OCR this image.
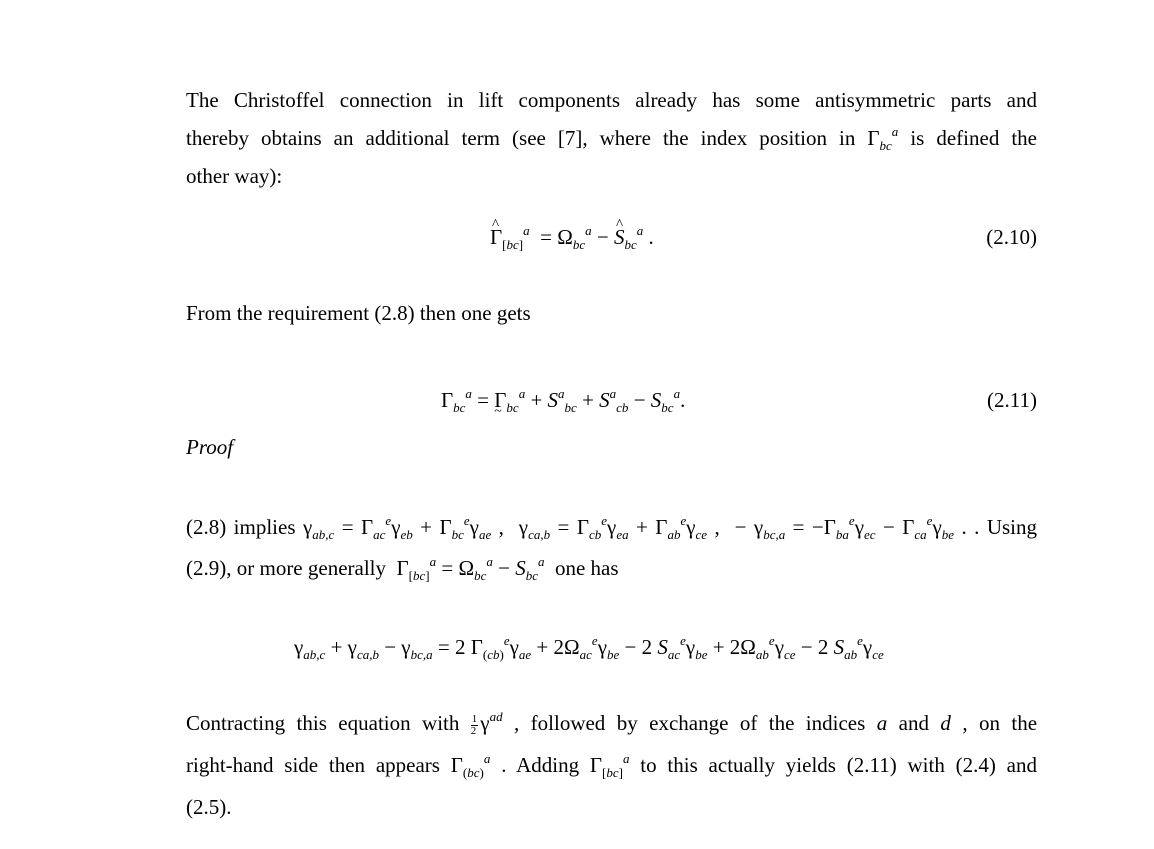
The Christoffel connection in lift components already has some antisymmetric parts and
thereby obtains an additional term (see [7], where the index position in $\Gamma_{bc}^a$ is defined the
other way):
^ $\Gamma_{[bc]}^a = \Omega_{bc}^a$ − ^ $S_{bc}^a$ .	(2.10)
From the requirement (2.8) then one gets
$\Gamma_{bc}^a = \Gamma$ $\sim_{bc}^a + S^a_{bc} + S^a_{cb} - S_{bc}^a$.	(2.11)
Proof
(2.8) implies $\gamma_{ab,c} = \Gamma_{ac}^e\gamma_{eb} + \Gamma_{bc}^e\gamma_{ae}$ ,  $\gamma_{ca,b} = \Gamma_{cb}^e\gamma_{ea} + \Gamma_{ab}^e\gamma_{ce}$ ,  − $\gamma_{bc,a} = -\Gamma_{ba}^e\gamma_{ec} - \Gamma_{ca}^e\gamma_{be}$ . . Using
(2.9), or more generally  $\Gamma_{[bc]}^a = \Omega_{bc}^a - S_{bc}^a$ one has
$\gamma_{ab,c} + \gamma_{ca,b} - \gamma_{bc,a} = 2$ $\Gamma_{(cb)}^e\gamma_{ae} + 2\Omega_{ac}^e\gamma_{be} - 2$ $S_{ac}^e\gamma_{be} + 2\Omega_{ab}^e\gamma_{ce} - 2$ $S_{ab}^e\gamma_{ce}$
Contracting this equation with $\frac{1}{2} \gamma^{ad}$ , followed by exchange of the indices a and d , on the
right-hand side then appears $\Gamma_{(bc)}^a$ . Adding $\Gamma_{[bc]}^a$ to this actually yields (2.11) with (2.4) and
(2.5).
